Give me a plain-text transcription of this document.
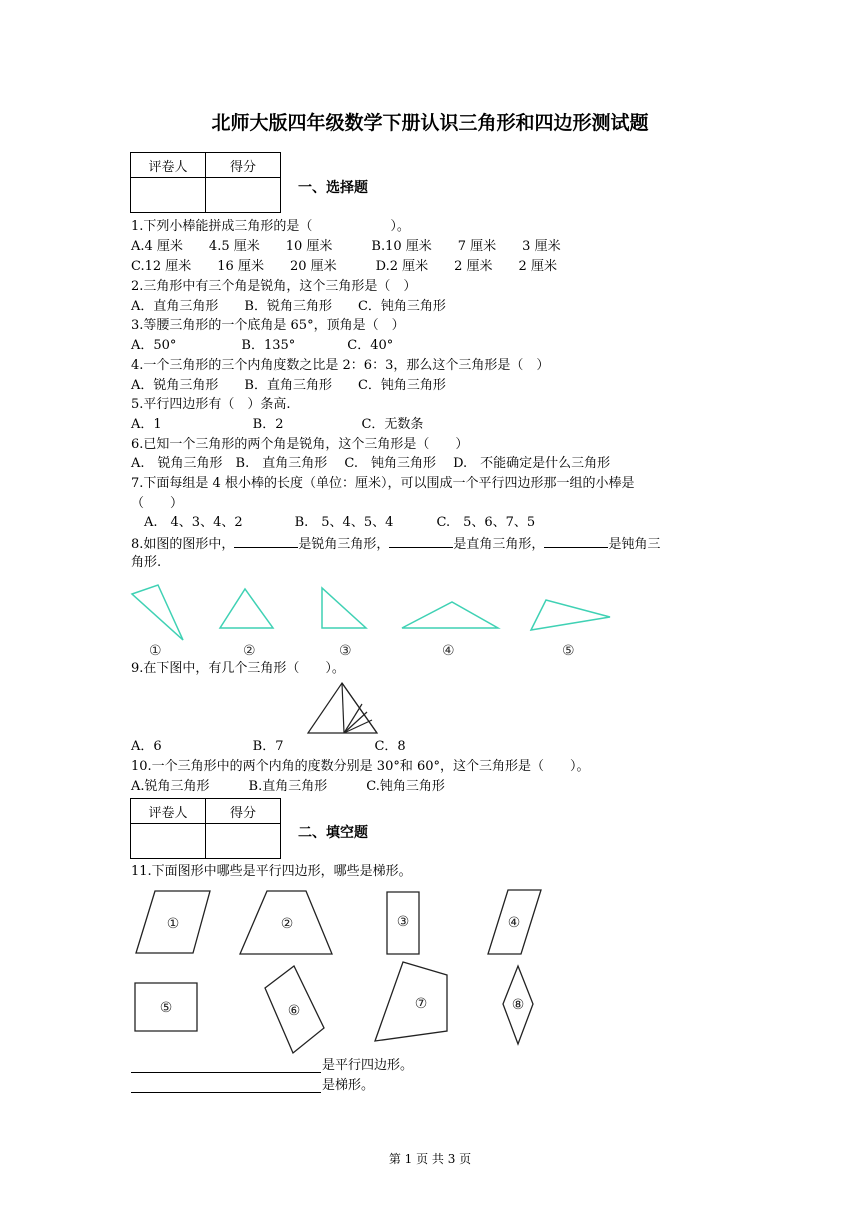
北师大版四年级数学下册认识三角形和四边形测试题
评卷人	得分

一、选择题
1.下列小棒能拼成三角形的是（　　　　　　）。
A.4 厘米　　4.5 厘米　　10 厘米　　　B.10 厘米　　7 厘米　　3 厘米
C.12 厘米　　16 厘米　　20 厘米　　　D.2 厘米　　2 厘米　　2 厘米
2.三角形中有三个角是锐角，这个三角形是（　）
A．直角三角形　　B．锐角三角形　　C．钝角三角形
3.等腰三角形的一个底角是 65°，顶角是（　）
A．50°　　　　　B．135°　　　　C．40°
4.一个三角形的三个内角度数之比是 2：6：3，那么这个三角形是（　）
A．锐角三角形　　B．直角三角形　　C．钝角三角形
5.平行四边形有（　）条高.
A．1　　　　　　　B．2　　　　　　C．无数条
6.已知一个三角形的两个角是锐角，这个三角形是（　　）
A.　锐角三角形　B.　直角三角形　 C.　钝角三角形　 D.　不能确定是什么三角形
7.下面每组是 4 根小棒的长度（单位：厘米），可以围成一个平行四边形那一组的小棒是
（　　）
　A.　4、3、4、2　　　　B.　5、4、5、4　　　 C.　5、6、7、5
8.如图的图形中，	是锐角三角形，	是直角三角形，	是钝角三
角形.
①	②	③	④	⑤
9.在下图中，有几个三角形（　　）。
A．6　　　　　　　B．7　　　　　　　C．8
10.一个三角形中的两个内角的度数分别是 30°和 60°，这个三角形是（　　）。
A.锐角三角形　　　B.直角三角形　　　C.钝角三角形
评卷人	得分

二、填空题
11.下面图形中哪些是平行四边形，哪些是梯形。
①	②	③	④
⑤	⑥	⑦	⑧
是平行四边形。
是梯形。
第 1 页 共 3 页
